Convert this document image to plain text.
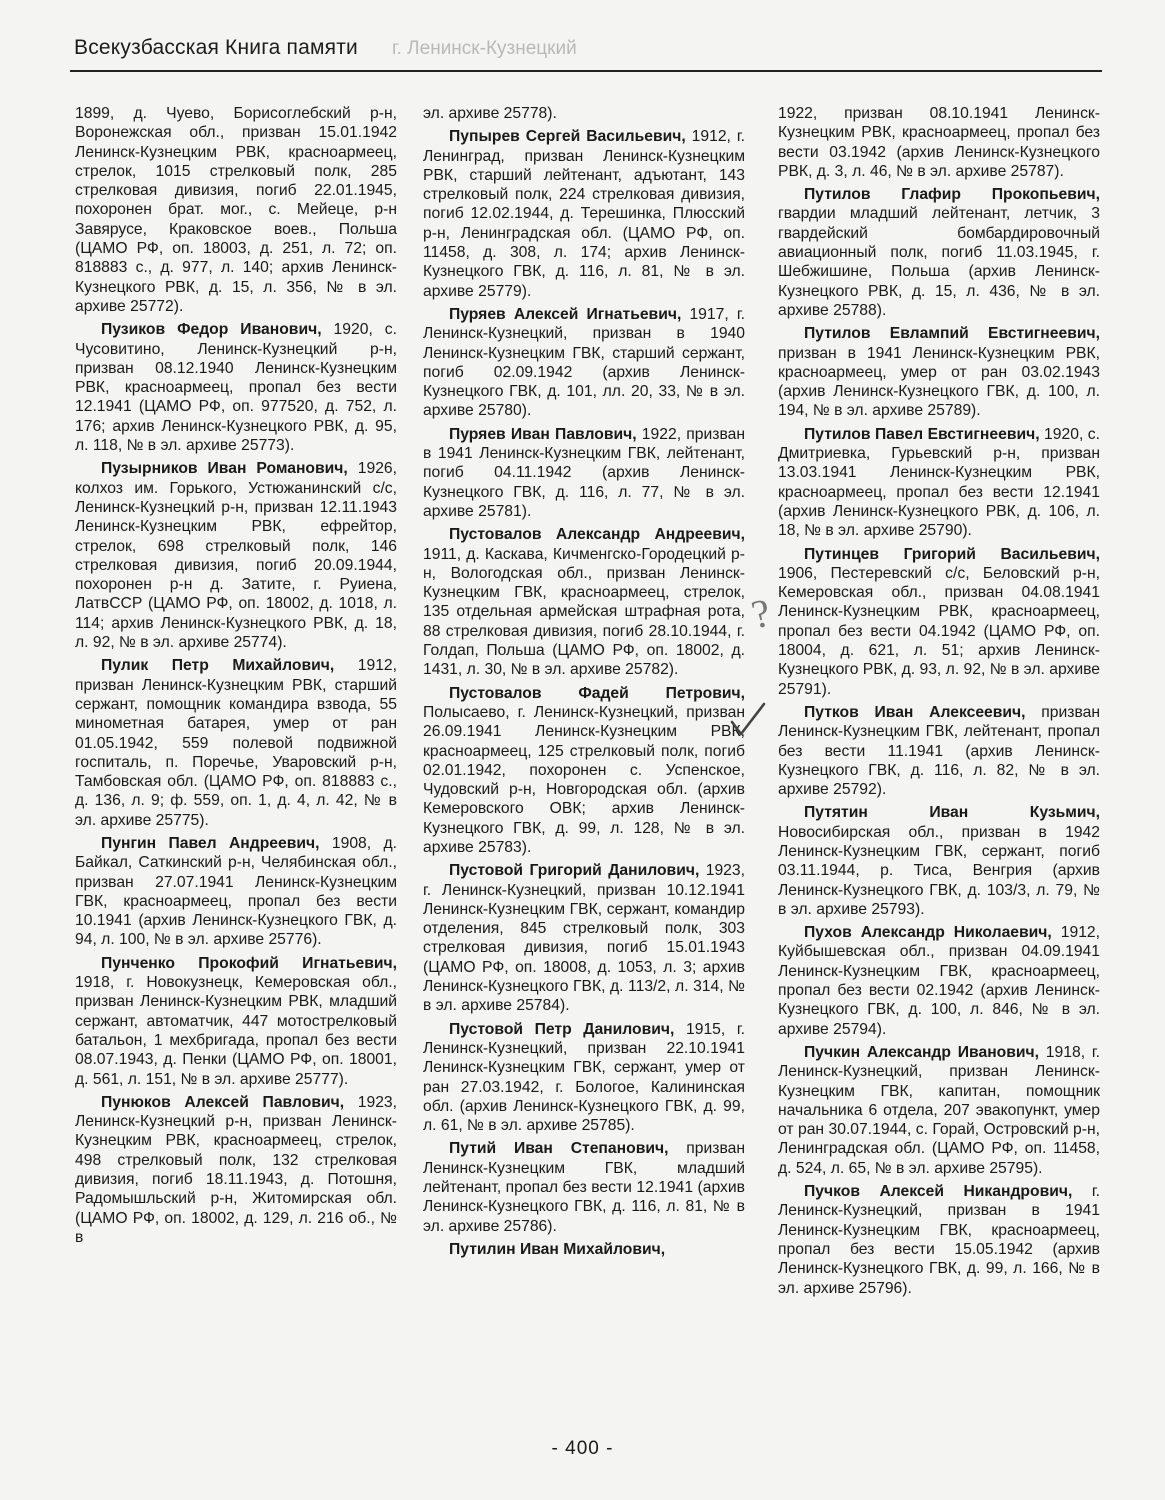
Всекузбасская Книга памяти г. Ленинск-Кузнецкий

1899, д. Чуево, Борисоглебский р-н, Воронежская обл., призван 15.01.1942 Ленинск-Кузнецким РВК, красноармеец, стрелок, 1015 стрелковый полк, 285 стрелковая дивизия, погиб 22.01.1945, похоронен брат. мог., с. Мейеце, р-н Завярусе, Краковское воев., Польша (ЦАМО РФ, оп. 18003, д. 251, л. 72; оп. 818883 с., д. 977, л. 140; архив Ленинск-Кузнецкого РВК, д. 15, л. 356, № в эл. архиве 25772).

Пузиков Федор Иванович, 1920, с. Чусовитино, Ленинск-Кузнецкий р-н, призван 08.12.1940 Ленинск-Кузнецким РВК, красноармеец, пропал без вести 12.1941 (ЦАМО РФ, оп. 977520, д. 752, л. 176; архив Ленинск-Кузнецкого РВК, д. 95, л. 118, № в эл. архиве 25773).

Пузырников Иван Романович, 1926, колхоз им. Горького, Устюжанинский с/с, Ленинск-Кузнецкий р-н, призван 12.11.1943 Ленинск-Кузнецким РВК, ефрейтор, стрелок, 698 стрелковый полк, 146 стрелковая дивизия, погиб 20.09.1944, похоронен р-н д. Затите, г. Руиена, ЛатвССР (ЦАМО РФ, оп. 18002, д. 1018, л. 114; архив Ленинск-Кузнецкого РВК, д. 18, л. 92, № в эл. архиве 25774).

Пулик Петр Михайлович, 1912, призван Ленинск-Кузнецким РВК, старший сержант, помощник командира взвода, 55 минометная батарея, умер от ран 01.05.1942, 559 полевой подвижной госпиталь, п. Поречье, Уваровский р-н, Тамбовская обл. (ЦАМО РФ, оп. 818883 с., д. 136, л. 9; ф. 559, оп. 1, д. 4, л. 42, № в эл. архиве 25775).

Пунгин Павел Андреевич, 1908, д. Байкал, Саткинский р-н, Челябинская обл., призван 27.07.1941 Ленинск-Кузнецким ГВК, красноармеец, пропал без вести 10.1941 (архив Ленинск-Кузнецкого ГВК, д. 94, л. 100, № в эл. архиве 25776).

Пунченко Прокофий Игнатьевич, 1918, г. Новокузнецк, Кемеровская обл., призван Ленинск-Кузнецким РВК, младший сержант, автоматчик, 447 мотострелковый батальон, 1 мехбригада, пропал без вести 08.07.1943, д. Пенки (ЦАМО РФ, оп. 18001, д. 561, л. 151, № в эл. архиве 25777).

Пунюков Алексей Павлович, 1923, Ленинск-Кузнецкий р-н, призван Ленинск-Кузнецким РВК, красноармеец, стрелок, 498 стрелковый полк, 132 стрелковая дивизия, погиб 18.11.1943, д. Потошня, Радомышльский р-н, Житомирская обл. (ЦАМО РФ, оп. 18002, д. 129, л. 216 об., № в

эл. архиве 25778).

Пупырев Сергей Васильевич, 1912, г. Ленинград, призван Ленинск-Кузнецким РВК, старший лейтенант, адъютант, 143 стрелковый полк, 224 стрелковая дивизия, погиб 12.02.1944, д. Терешинка, Плюсский р-н, Ленинградская обл. (ЦАМО РФ, оп. 11458, д. 308, л. 174; архив Ленинск-Кузнецкого ГВК, д. 116, л. 81, № в эл. архиве 25779).

Пуряев Алексей Игнатьевич, 1917, г. Ленинск-Кузнецкий, призван в 1940 Ленинск-Кузнецким ГВК, старший сержант, погиб 02.09.1942 (архив Ленинск-Кузнецкого ГВК, д. 101, лл. 20, 33, № в эл. архиве 25780).

Пуряев Иван Павлович, 1922, призван в 1941 Ленинск-Кузнецким ГВК, лейтенант, погиб 04.11.1942 (архив Ленинск-Кузнецкого ГВК, д. 116, л. 77, № в эл. архиве 25781).

Пустовалов Александр Андреевич, 1911, д. Каскава, Кичменгско-Городецкий р-н, Вологодская обл., призван Ленинск-Кузнецким ГВК, красноармеец, стрелок, 135 отдельная армейская штрафная рота, 88 стрелковая дивизия, погиб 28.10.1944, г. Голдап, Польша (ЦАМО РФ, оп. 18002, д. 1431, л. 30, № в эл. архиве 25782).

Пустовалов Фадей Петрович, Полысаево, г. Ленинск-Кузнецкий, призван 26.09.1941 Ленинск-Кузнецким РВК, красноармеец, 125 стрелковый полк, погиб 02.01.1942, похоронен с. Успенское, Чудовский р-н, Новгородская обл. (архив Кемеровского ОВК; архив Ленинск-Кузнецкого ГВК, д. 99, л. 128, № в эл. архиве 25783).

Пустовой Григорий Данилович, 1923, г. Ленинск-Кузнецкий, призван 10.12.1941 Ленинск-Кузнецким ГВК, сержант, командир отделения, 845 стрелковый полк, 303 стрелковая дивизия, погиб 15.01.1943 (ЦАМО РФ, оп. 18008, д. 1053, л. 3; архив Ленинск-Кузнецкого ГВК, д. 113/2, л. 314, № в эл. архиве 25784).

Пустовой Петр Данилович, 1915, г. Ленинск-Кузнецкий, призван 22.10.1941 Ленинск-Кузнецким ГВК, сержант, умер от ран 27.03.1942, г. Бологое, Калининская обл. (архив Ленинск-Кузнецкого ГВК, д. 99, л. 61, № в эл. архиве 25785).

Путий Иван Степанович, призван Ленинск-Кузнецким ГВК, младший лейтенант, пропал без вести 12.1941 (архив Ленинск-Кузнецкого ГВК, д. 116, л. 81, № в эл. архиве 25786).

Путилин Иван Михайлович,

1922, призван 08.10.1941 Ленинск-Кузнецким РВК, красноармеец, пропал без вести 03.1942 (архив Ленинск-Кузнецкого РВК, д. 3, л. 46, № в эл. архиве 25787).

Путилов Глафир Прокопьевич, гвардии младший лейтенант, летчик, 3 гвардейский бомбардировочный авиационный полк, погиб 11.03.1945, г. Шебжишине, Польша (архив Ленинск-Кузнецкого РВК, д. 15, л. 436, № в эл. архиве 25788).

Путилов Евлампий Евстигнеевич, призван в 1941 Ленинск-Кузнецким РВК, красноармеец, умер от ран 03.02.1943 (архив Ленинск-Кузнецкого ГВК, д. 100, л. 194, № в эл. архиве 25789).

Путилов Павел Евстигнеевич, 1920, с. Дмитриевка, Гурьевский р-н, призван 13.03.1941 Ленинск-Кузнецким РВК, красноармеец, пропал без вести 12.1941 (архив Ленинск-Кузнецкого РВК, д. 106, л. 18, № в эл. архиве 25790).

Путинцев Григорий Васильевич, 1906, Пестеревский с/с, Беловский р-н, Кемеровская обл., призван 04.08.1941 Ленинск-Кузнецким РВК, красноармеец, пропал без вести 04.1942 (ЦАМО РФ, оп. 18004, д. 621, л. 51; архив Ленинск-Кузнецкого РВК, д. 93, л. 92, № в эл. архиве 25791).

Путков Иван Алексеевич, призван Ленинск-Кузнецким ГВК, лейтенант, пропал без вести 11.1941 (архив Ленинск-Кузнецкого ГВК, д. 116, л. 82, № в эл. архиве 25792).

Путятин Иван Кузьмич, Новосибирская обл., призван в 1942 Ленинск-Кузнецким ГВК, сержант, погиб 03.11.1944, р. Тиса, Венгрия (архив Ленинск-Кузнецкого ГВК, д. 103/3, л. 79, № в эл. архиве 25793).

Пухов Александр Николаевич, 1912, Куйбышевская обл., призван 04.09.1941 Ленинск-Кузнецким ГВК, красноармеец, пропал без вести 02.1942 (архив Ленинск-Кузнецкого ГВК, д. 100, л. 846, № в эл. архиве 25794).

Пучкин Александр Иванович, 1918, г. Ленинск-Кузнецкий, призван Ленинск-Кузнецким ГВК, капитан, помощник начальника 6 отдела, 207 эвакопункт, умер от ран 30.07.1944, с. Горай, Островский р-н, Ленинградская обл. (ЦАМО РФ, оп. 11458, д. 524, л. 65, № в эл. архиве 25795).

Пучков Алексей Никандрович, г. Ленинск-Кузнецкий, призван в 1941 Ленинск-Кузнецким ГВК, красноармеец, пропал без вести 15.05.1942 (архив Ленинск-Кузнецкого ГВК, д. 99, л. 166, № в эл. архиве 25796).

?
- 400 -
